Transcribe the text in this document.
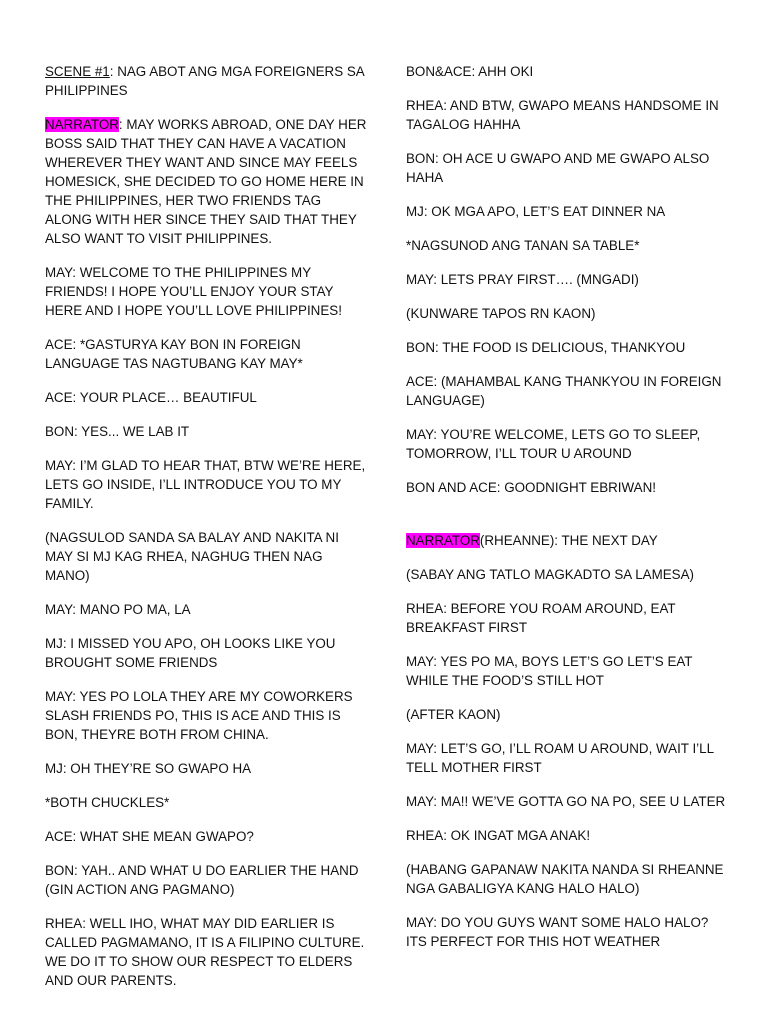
SCENE #1: NAG ABOT ANG MGA FOREIGNERS SA PHILIPPINES

NARRATOR: MAY WORKS ABROAD, ONE DAY HER BOSS SAID THAT THEY CAN HAVE A VACATION WHEREVER THEY WANT AND SINCE MAY FEELS HOMESICK, SHE DECIDED TO GO HOME HERE IN THE PHILIPPINES, HER TWO FRIENDS TAG ALONG WITH HER SINCE THEY SAID THAT THEY ALSO WANT TO VISIT PHILIPPINES.

MAY: WELCOME TO THE PHILIPPINES MY FRIENDS! I HOPE YOU’LL ENJOY YOUR STAY HERE AND I HOPE YOU’LL LOVE PHILIPPINES!

ACE: *GASTURYA KAY BON IN FOREIGN LANGUAGE TAS NAGTUBANG KAY MAY*

ACE: YOUR PLACE… BEAUTIFUL

BON: YES... WE LAB IT

MAY: I’M GLAD TO HEAR THAT, BTW WE’RE HERE, LETS GO INSIDE, I’LL INTRODUCE YOU TO MY FAMILY.

(NAGSULOD SANDA SA BALAY AND NAKITA NI MAY SI MJ KAG RHEA, NAGHUG THEN NAG MANO)

MAY: MANO PO MA, LA

MJ: I MISSED YOU APO, OH LOOKS LIKE YOU BROUGHT SOME FRIENDS

MAY: YES PO LOLA THEY ARE MY COWORKERS SLASH FRIENDS PO, THIS IS ACE AND THIS IS BON, THEYRE BOTH FROM CHINA.

MJ: OH THEY’RE SO GWAPO HA

*BOTH CHUCKLES*

ACE: WHAT SHE MEAN GWAPO?

BON: YAH.. AND WHAT U DO EARLIER THE HAND (GIN ACTION ANG PAGMANO)

RHEA: WELL IHO, WHAT MAY DID EARLIER IS CALLED PAGMAMANO, IT IS A FILIPINO CULTURE. WE DO IT TO SHOW OUR RESPECT TO ELDERS AND OUR PARENTS.

BON&ACE: AHH OKI

RHEA: AND BTW, GWAPO MEANS HANDSOME IN TAGALOG HAHHA

BON: OH ACE U GWAPO AND ME GWAPO ALSO HAHA

MJ: OK MGA APO, LET’S EAT DINNER NA

*NAGSUNOD ANG TANAN SA TABLE*

MAY: LETS PRAY FIRST…. (MNGADI)

(KUNWARE TAPOS RN KAON)

BON: THE FOOD IS DELICIOUS, THANKYOU

ACE: (MAHAMBAL KANG THANKYOU IN FOREIGN LANGUAGE)

MAY: YOU’RE WELCOME, LETS GO TO SLEEP, TOMORROW, I’LL TOUR U AROUND

BON AND ACE: GOODNIGHT EBRIWAN!

NARRATOR(RHEANNE): THE NEXT DAY

(SABAY ANG TATLO MAGKADTO SA LAMESA)

RHEA: BEFORE YOU ROAM AROUND, EAT BREAKFAST FIRST

MAY: YES PO MA, BOYS LET’S GO LET’S EAT WHILE THE FOOD’S STILL HOT

(AFTER KAON)

MAY: LET’S GO, I’LL ROAM U AROUND, WAIT I’LL TELL MOTHER FIRST

MAY: MA!! WE’VE GOTTA GO NA PO, SEE U LATER

RHEA: OK INGAT MGA ANAK!

(HABANG GAPANAW NAKITA NANDA SI RHEANNE NGA GABALIGYA KANG HALO HALO)

MAY: DO YOU GUYS WANT SOME HALO HALO? ITS PERFECT FOR THIS HOT WEATHER
